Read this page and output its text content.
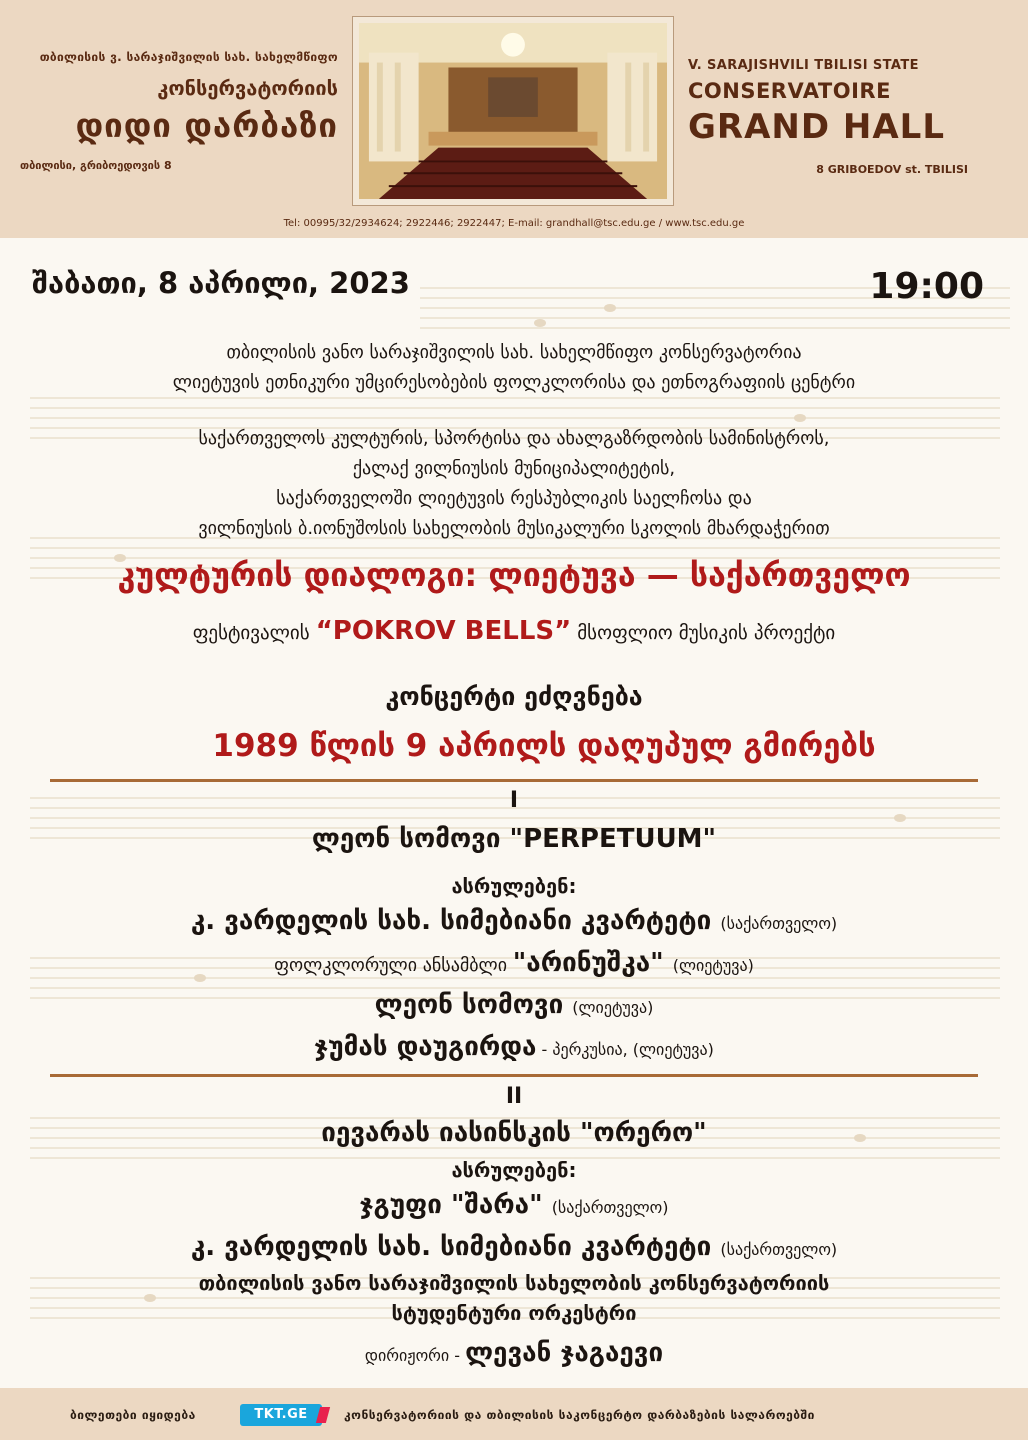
თბილისის ვ. სარაჯიშვილის სახ. სახელმწიფო
კონსერვატორიის
დიდი დარბაზი
თბილისი, გრიბოედოვის 8
V. SARAJISHVILI TBILISI STATE
CONSERVATOIRE
GRAND HALL
8 GRIBOEDOV st. TBILISI
Tel: 00995/32/2934624; 2922446; 2922447; E-mail: grandhall@tsc.edu.ge / www.tsc.edu.ge
შაბათი, 8 აპრილი, 2023	19:00
თბილისის ვანო სარაჯიშვილის სახ. სახელმწიფო კონსერვატორია
ლიეტუვის ეთნიკური უმცირესობების ფოლკლორისა და ეთნოგრაფიის ცენტრი
საქართველოს კულტურის, სპორტისა და ახალგაზრდობის სამინისტროს,
ქალაქ ვილნიუსის მუნიციპალიტეტის,
საქართველოში ლიეტუვის რესპუბლიკის საელჩოსა და
ვილნიუსის ბ.იონუშოსის სახელობის მუსიკალური სკოლის მხარდაჭერით
კულტურის დიალოგი: ლიეტუვა — საქართველო
ფესტივალის “POKROV BELLS” მსოფლიო მუსიკის პროექტი
კონცერტი ეძღვნება
1989 წლის 9 აპრილს დაღუპულ გმირებს
I
ლეონ სომოვი "PERPETUUM"
ასრულებენ:
კ. ვარდელის სახ. სიმებიანი კვარტეტი (საქართველო)
ფოლკლორული ანსამბლი "არინუშკა" (ლიეტუვა)
ლეონ სომოვი (ლიეტუვა)
ჯუმას დაუგირდა - პერკუსია, (ლიეტუვა)
II
იევარას იასინსკის "ორერო"
ასრულებენ:
ჯგუფი "შარა" (საქართველო)
კ. ვარდელის სახ. სიმებიანი კვარტეტი (საქართველო)
თბილისის ვანო სარაჯიშვილის სახელობის კონსერვატორიის
სტუდენტური ორკესტრი
დირიჟორი - ლევან ჯაგაევი
ბილეთები იყიდება	TKT.GE	კონსერვატორიის და თბილისის საკონცერტო დარბაზების სალაროებში
